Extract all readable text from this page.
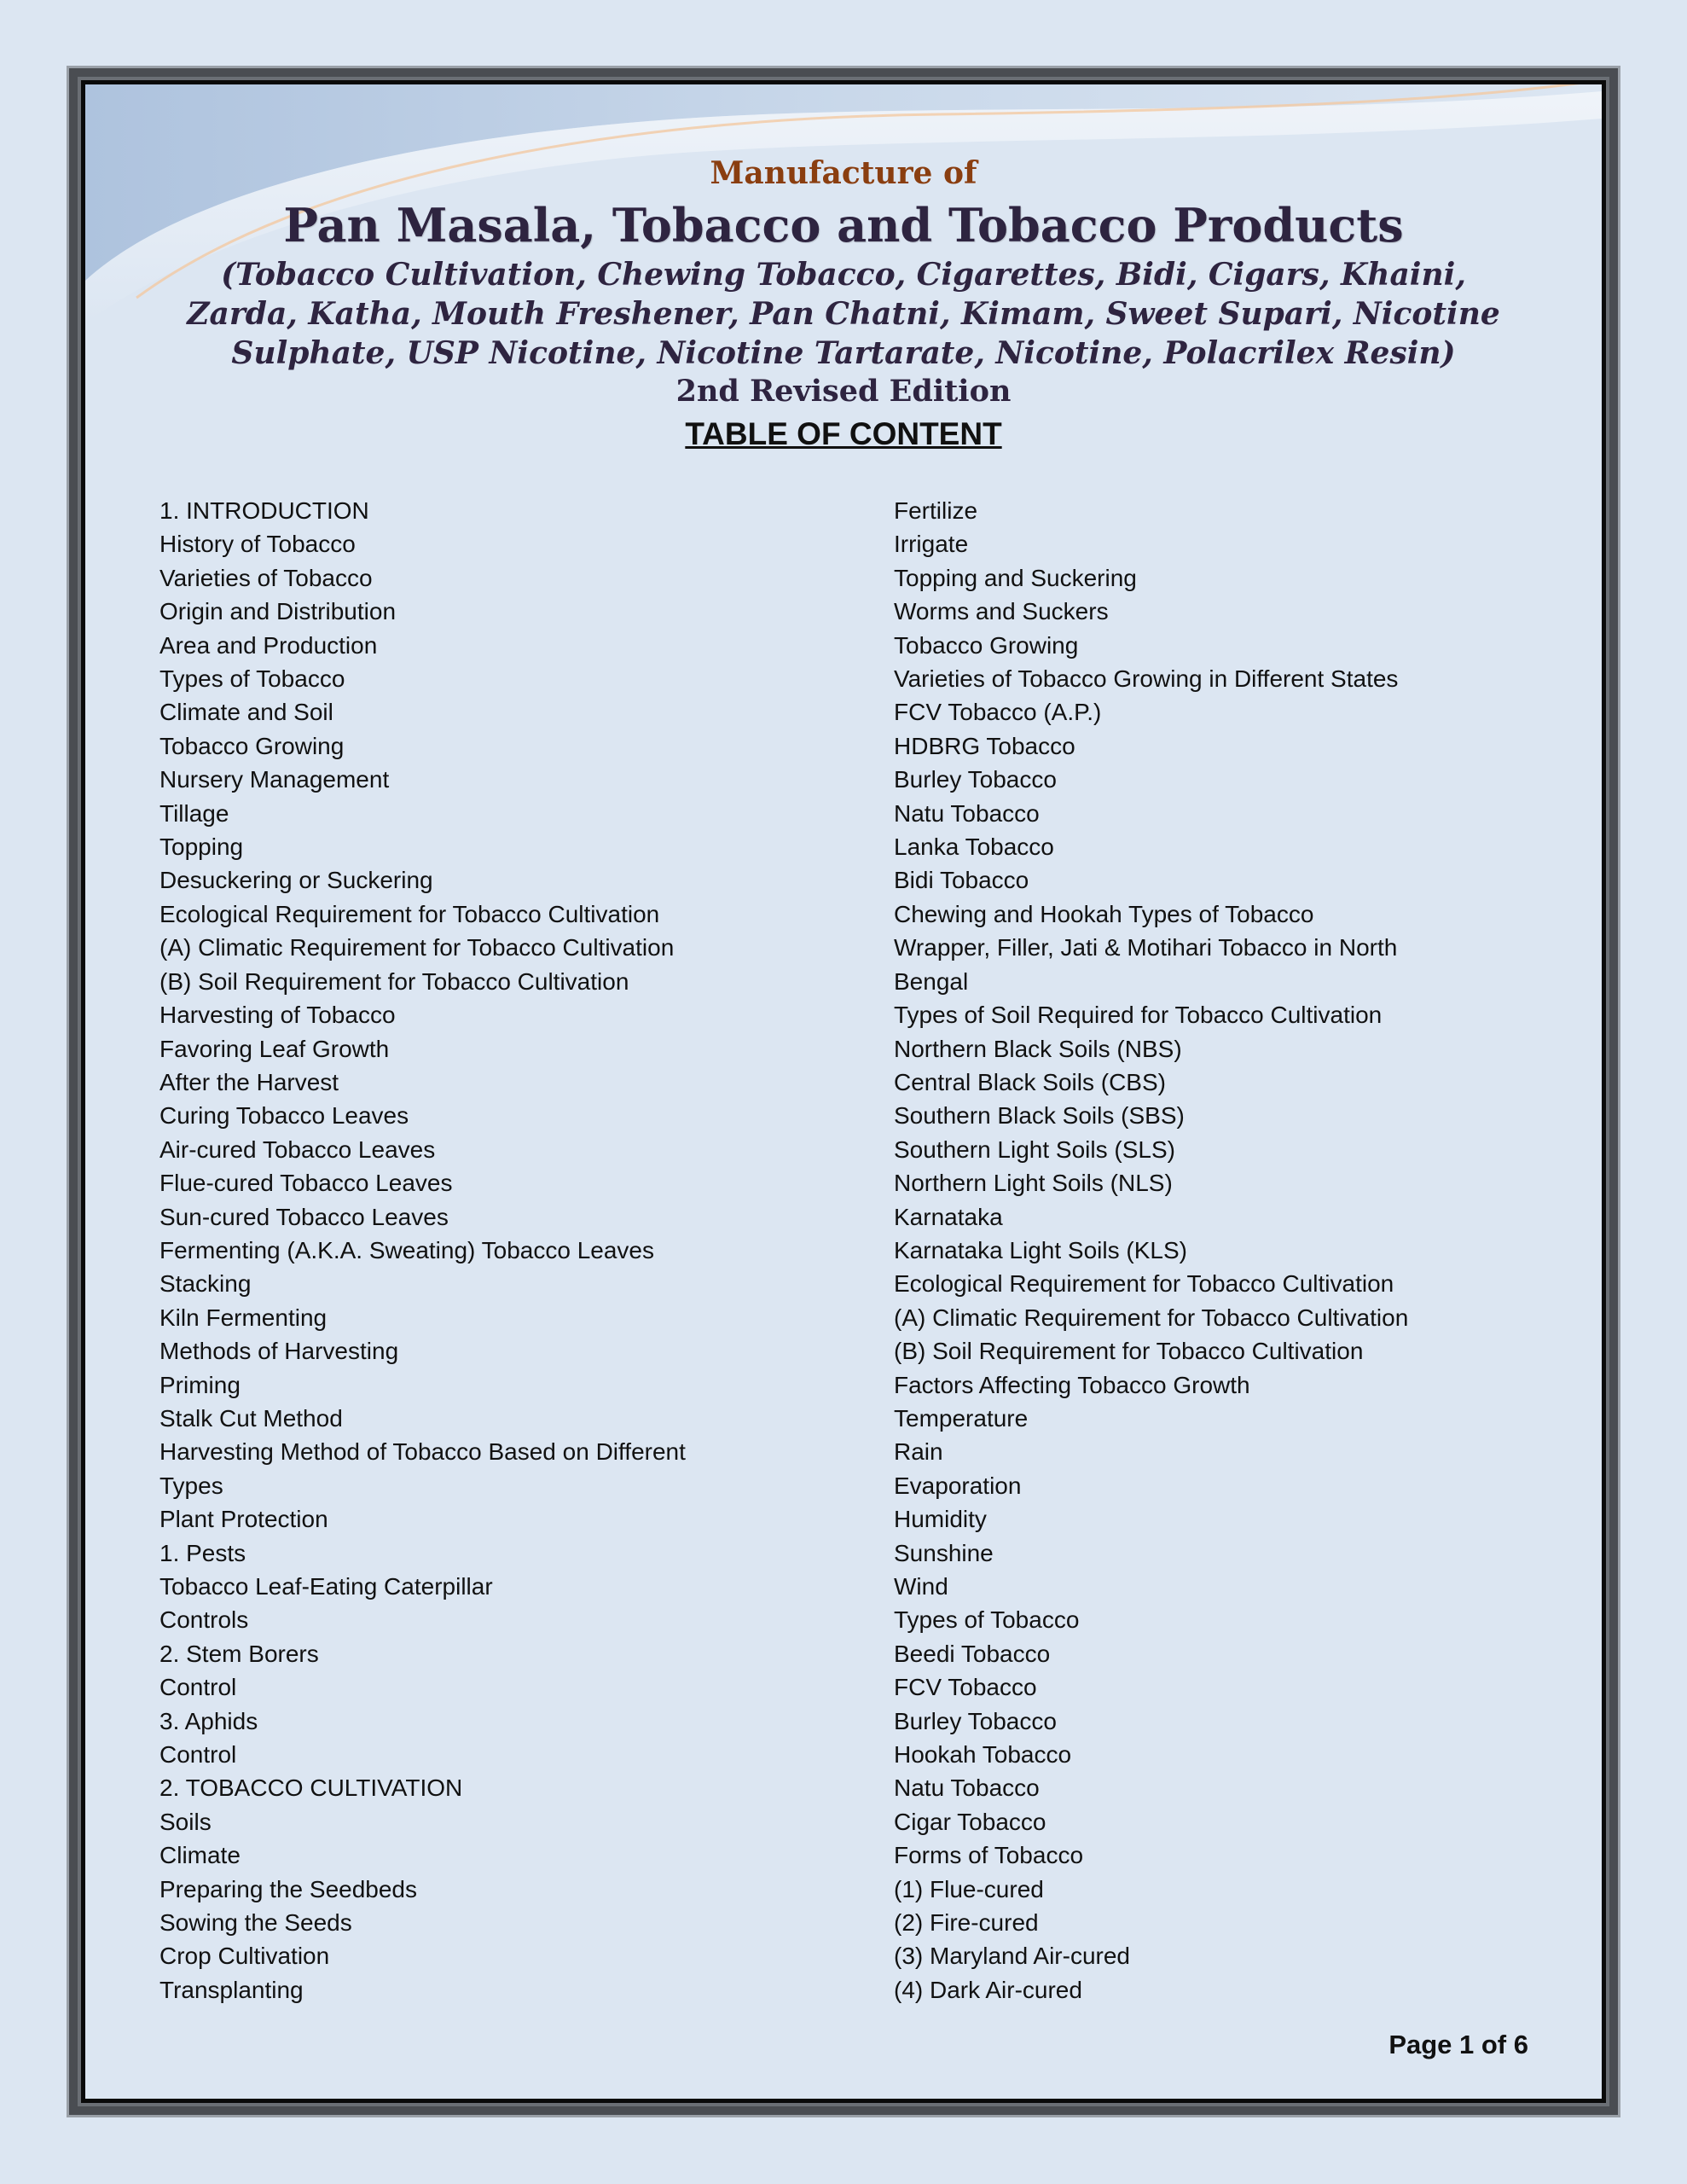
Manufacture of

Pan Masala, Tobacco and Tobacco Products

(Tobacco Cultivation, Chewing Tobacco, Cigarettes, Bidi, Cigars, Khaini, Zarda, Katha, Mouth Freshener, Pan Chatni, Kimam, Sweet Supari, Nicotine Sulphate, USP Nicotine, Nicotine Tartarate, Nicotine, Polacrilex Resin)

2nd Revised Edition

TABLE OF CONTENT

1. INTRODUCTION
History of Tobacco
Varieties of Tobacco
Origin and Distribution
Area and Production
Types of Tobacco
Climate and Soil
Tobacco Growing
Nursery Management
Tillage
Topping
Desuckering or Suckering
Ecological Requirement for Tobacco Cultivation
(A) Climatic Requirement for Tobacco Cultivation
(B) Soil Requirement for Tobacco Cultivation
Harvesting of Tobacco
Favoring Leaf Growth
After the Harvest
Curing Tobacco Leaves
Air-cured Tobacco Leaves
Flue-cured Tobacco Leaves
Sun-cured Tobacco Leaves
Fermenting (A.K.A. Sweating) Tobacco Leaves
Stacking
Kiln Fermenting
Methods of Harvesting
Priming
Stalk Cut Method
Harvesting Method of Tobacco Based on Different
Types
Plant Protection
1. Pests
Tobacco Leaf-Eating Caterpillar
Controls
2. Stem Borers
Control
3. Aphids
Control
2. TOBACCO CULTIVATION
Soils
Climate
Preparing the Seedbeds
Sowing the Seeds
Crop Cultivation
Transplanting
Fertilize
Irrigate
Topping and Suckering
Worms and Suckers
Tobacco Growing
Varieties of Tobacco Growing in Different States
FCV Tobacco (A.P.)
HDBRG Tobacco
Burley Tobacco
Natu Tobacco
Lanka Tobacco
Bidi Tobacco
Chewing and Hookah Types of Tobacco
Wrapper, Filler, Jati & Motihari Tobacco in North
Bengal
Types of Soil Required for Tobacco Cultivation
Northern Black Soils (NBS)
Central Black Soils (CBS)
Southern Black Soils (SBS)
Southern Light Soils (SLS)
Northern Light Soils (NLS)
Karnataka
Karnataka Light Soils (KLS)
Ecological Requirement for Tobacco Cultivation
(A) Climatic Requirement for Tobacco Cultivation
(B) Soil Requirement for Tobacco Cultivation
Factors Affecting Tobacco Growth
Temperature
Rain
Evaporation
Humidity
Sunshine
Wind
Types of Tobacco
Beedi Tobacco
FCV Tobacco
Burley Tobacco
Hookah Tobacco
Natu Tobacco
Cigar Tobacco
Forms of Tobacco
(1) Flue-cured
(2) Fire-cured
(3) Maryland Air-cured
(4) Dark Air-cured
Page 1 of 6
